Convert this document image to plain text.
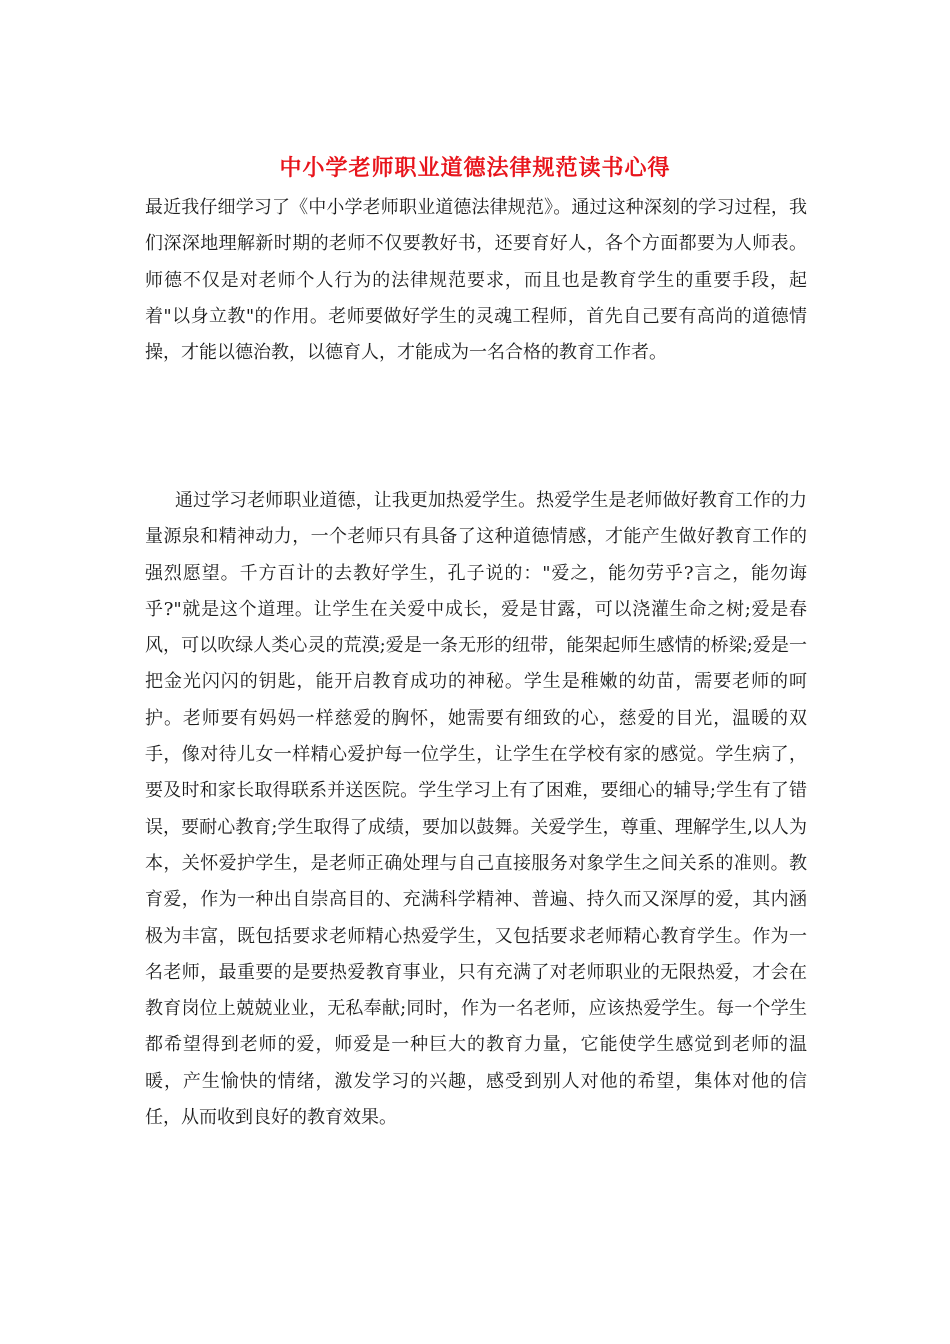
中小学老师职业道德法律规范读书心得

最近我仔细学习了《中小学老师职业道德法律规范》。通过这种深刻的学习过程，我们深深地理解新时期的老师不仅要教好书，还要育好人，各个方面都要为人师表。师德不仅是对老师个人行为的法律规范要求，而且也是教育学生的重要手段，起着"以身立教"的作用。老师要做好学生的灵魂工程师，首先自己要有高尚的道德情操，才能以德治教，以德育人，才能成为一名合格的教育工作者。

通过学习老师职业道德，让我更加热爱学生。热爱学生是老师做好教育工作的力量源泉和精神动力，一个老师只有具备了这种道德情感，才能产生做好教育工作的强烈愿望。千方百计的去教好学生，孔子说的："爱之，能勿劳乎?言之，能勿诲乎?"就是这个道理。让学生在关爱中成长，爱是甘露，可以浇灌生命之树;爱是春风，可以吹绿人类心灵的荒漠;爱是一条无形的纽带，能架起师生感情的桥梁;爱是一把金光闪闪的钥匙，能开启教育成功的神秘。学生是稚嫩的幼苗，需要老师的呵护。老师要有妈妈一样慈爱的胸怀，她需要有细致的心，慈爱的目光，温暖的双手，像对待儿女一样精心爱护每一位学生，让学生在学校有家的感觉。学生病了，要及时和家长取得联系并送医院。学生学习上有了困难，要细心的辅导;学生有了错误，要耐心教育;学生取得了成绩，要加以鼓舞。关爱学生，尊重、理解学生,以人为本，关怀爱护学生，是老师正确处理与自己直接服务对象学生之间关系的准则。教育爱，作为一种出自崇高目的、充满科学精神、普遍、持久而又深厚的爱，其内涵极为丰富，既包括要求老师精心热爱学生，又包括要求老师精心教育学生。作为一名老师，最重要的是要热爱教育事业，只有充满了对老师职业的无限热爱，才会在教育岗位上兢兢业业，无私奉献;同时，作为一名老师，应该热爱学生。每一个学生都希望得到老师的爱，师爱是一种巨大的教育力量，它能使学生感觉到老师的温暖，产生愉快的情绪，激发学习的兴趣，感受到别人对他的希望，集体对他的信任，从而收到良好的教育效果。
